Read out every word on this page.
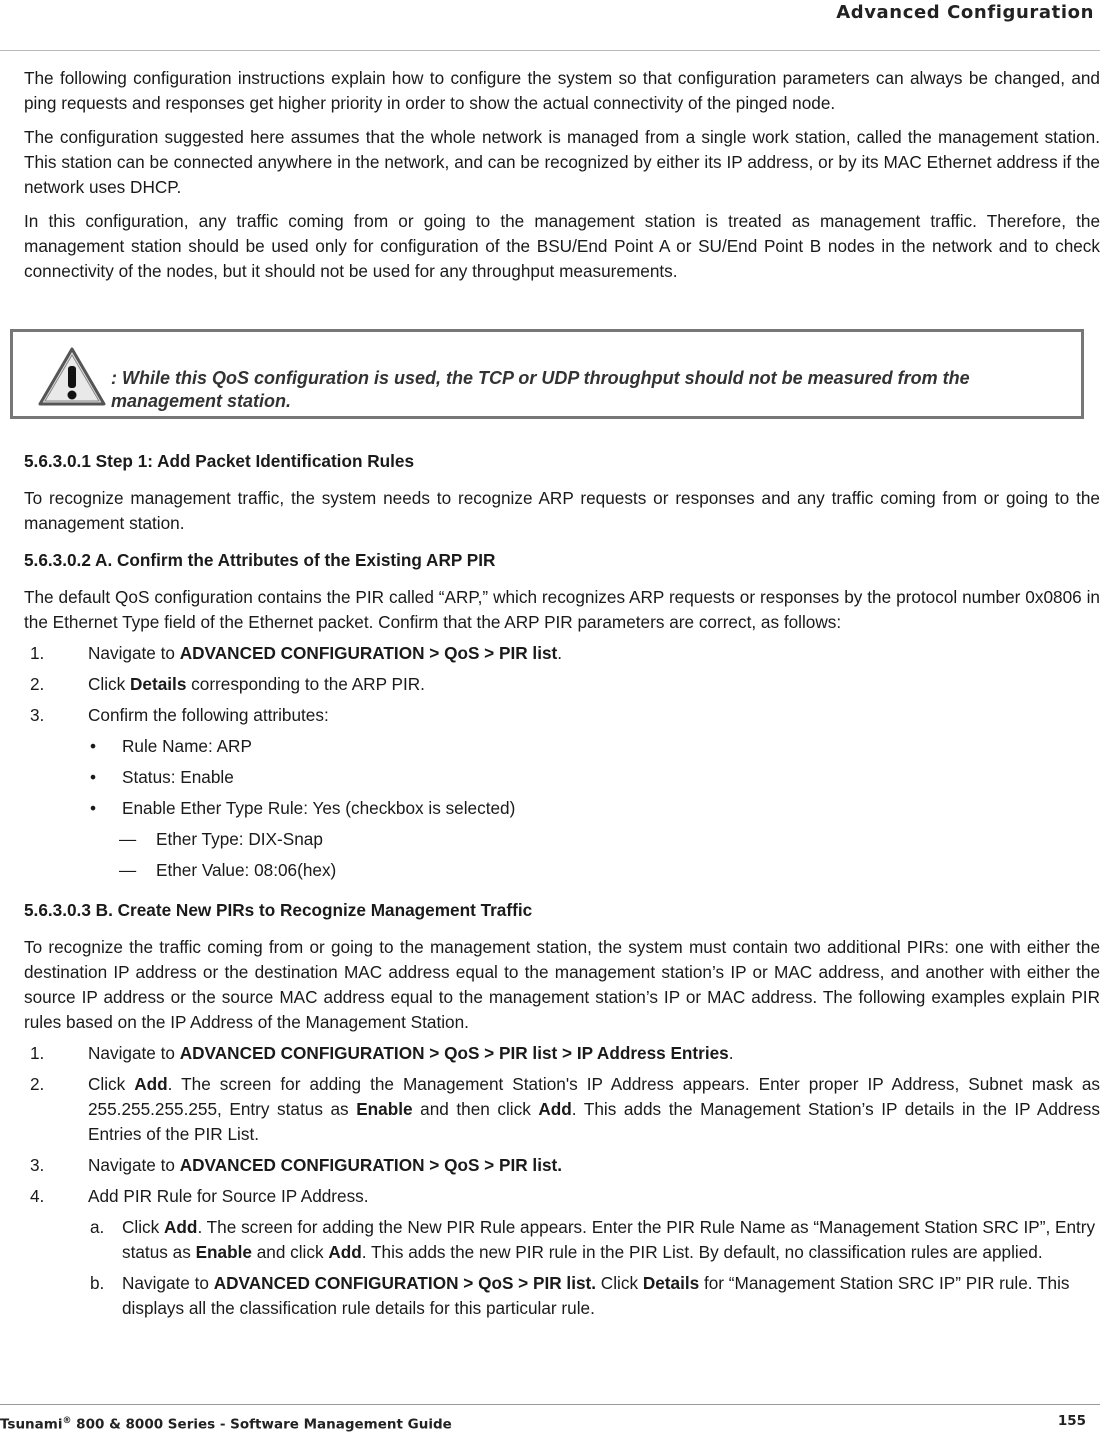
Advanced Configuration

The following configuration instructions explain how to configure the system so that configuration parameters can always be changed, and ping requests and responses get higher priority in order to show the actual connectivity of the pinged node.

The configuration suggested here assumes that the whole network is managed from a single work station, called the management station. This station can be connected anywhere in the network, and can be recognized by either its IP address, or by its MAC Ethernet address if the network uses DHCP.

In this configuration, any traffic coming from or going to the management station is treated as management traffic. Therefore, the management station should be used only for configuration of the BSU/End Point A or SU/End Point B nodes in the network and to check connectivity of the nodes, but it should not be used for any throughput measurements.

: While this QoS configuration is used, the TCP or UDP throughput should not be measured from the management station.
5.6.3.0.1 Step 1: Add Packet Identification Rules

To recognize management traffic, the system needs to recognize ARP requests or responses and any traffic coming from or going to the management station.

5.6.3.0.2 A. Confirm the Attributes of the Existing ARP PIR

The default QoS configuration contains the PIR called “ARP,” which recognizes ARP requests or responses by the protocol number 0x0806 in the Ethernet Type field of the Ethernet packet. Confirm that the ARP PIR parameters are correct, as follows:

1.	Navigate to ADVANCED CONFIGURATION > QoS > PIR list.
2.	Click Details corresponding to the ARP PIR.
3.	Confirm the following attributes:
• Rule Name: ARP
• Status: Enable
• Enable Ether Type Rule: Yes (checkbox is selected)
— Ether Type: DIX-Snap
— Ether Value: 08:06(hex)
5.6.3.0.3 B. Create New PIRs to Recognize Management Traffic

To recognize the traffic coming from or going to the management station, the system must contain two additional PIRs: one with either the destination IP address or the destination MAC address equal to the management station’s IP or MAC address, and another with either the source IP address or the source MAC address equal to the management station’s IP or MAC address. The following examples explain PIR rules based on the IP Address of the Management Station.

1.	Navigate to ADVANCED CONFIGURATION > QoS > PIR list > IP Address Entries.
2.	Click Add. The screen for adding the Management Station's IP Address appears. Enter proper IP Address, Subnet mask as 255.255.255.255, Entry status as Enable and then click Add. This adds the Management Station’s IP details in the IP Address Entries of the PIR List.
3.	Navigate to ADVANCED CONFIGURATION > QoS > PIR list.
4.	Add PIR Rule for Source IP Address.
a. Click Add. The screen for adding the New PIR Rule appears. Enter the PIR Rule Name as “Management Station SRC IP”, Entry status as Enable and click Add. This adds the new PIR rule in the PIR List. By default, no classification rules are applied.
b. Navigate to ADVANCED CONFIGURATION > QoS > PIR list. Click Details for “Management Station SRC IP” PIR rule. This displays all the classification rule details for this particular rule.
Tsunami® 800 & 8000 Series - Software Management Guide	155
